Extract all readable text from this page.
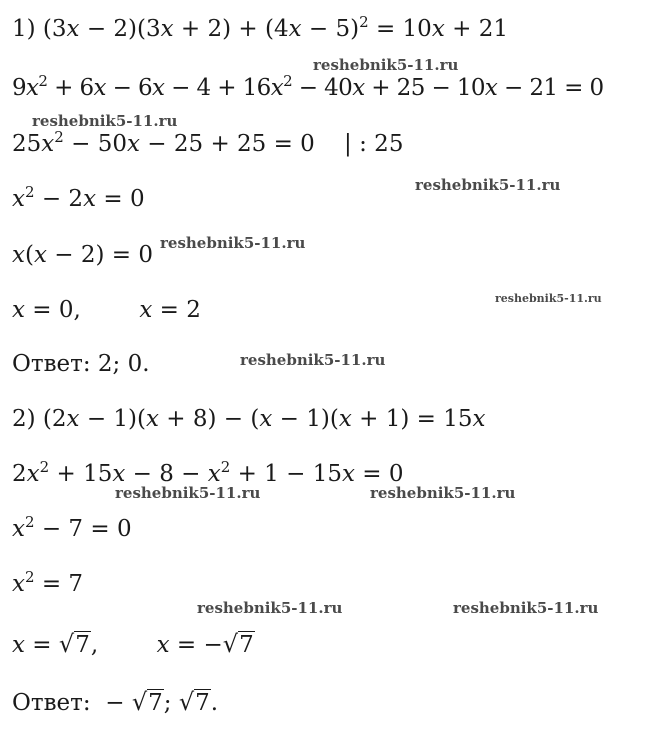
1) $(3x - 2)(3x + 2) + (4x - 5)^2 = 10x + 21$
reshebnik5-11.ru
$9x^2 + 6x - 6x - 4 + 16x^2 - 40x + 25 - 10x - 21 = 0$
reshebnik5-11.ru
$25x^2 - 50x - 25 + 25 = 0$    | : 25
reshebnik5-11.ru
$x^2 - 2x = 0$
reshebnik5-11.ru
x(x − 2) = 0
reshebnik5-11.ru
x = 0,        x = 2
Ответ: 2; 0.	reshebnik5-11.ru
2) (2x − 1)(x + 8) − (x − 1)(x + 1) = 15x
$2x^2 + 15x - 8 - x^2 + 1 - 15x = 0$
reshebnik5-11.ru	reshebnik5-11.ru
$x^2 - 7 = 0$
$x^2 = 7$
reshebnik5-11.ru	reshebnik5-11.ru
x = √7,        x = −√7
Ответ:  − √7; √7.
